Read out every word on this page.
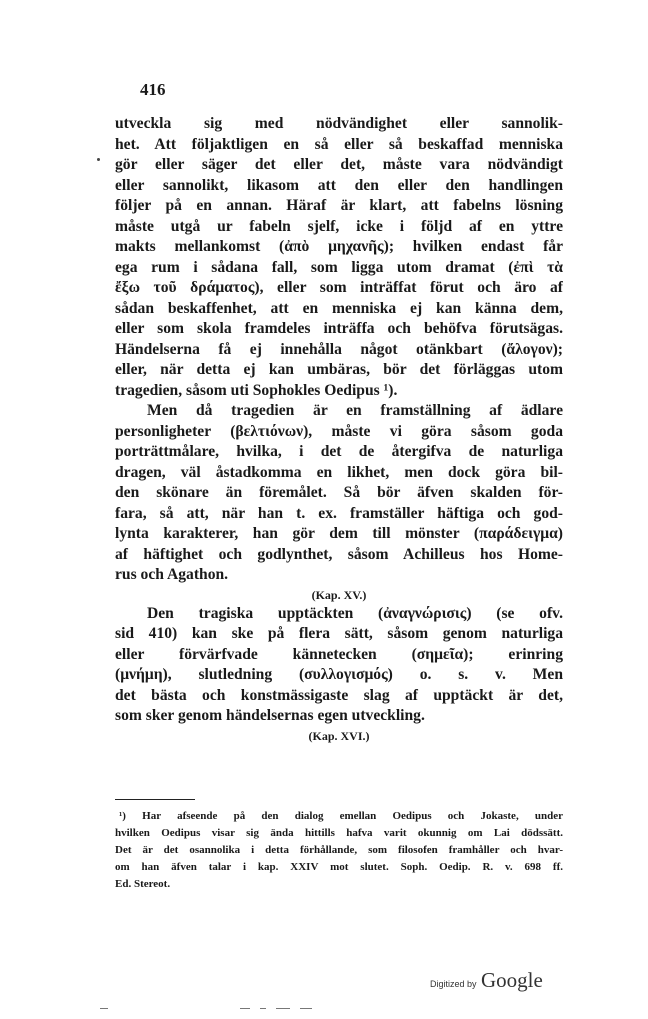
416
utveckla sig med nödvändighet eller sannolik-
het. Att följaktligen en så eller så beskaffad menniska
gör eller säger det eller det, måste vara nödvändigt
eller sannolikt, likasom att den eller den handlingen
följer på en annan. Häraf är klart, att fabelns lösning
måste utgå ur fabeln sjelf, icke i följd af en yttre
makts mellankomst (ἀπὸ μηχανῆς); hvilken endast får
ega rum i sådana fall, som ligga utom dramat (ἐπὶ τὰ
ἔξω τοῦ δράματος), eller som inträffat förut och äro af
sådan beskaffenhet, att en menniska ej kan känna dem,
eller som skola framdeles inträffa och behöfva förutsägas.
Händelserna få ej innehålla något otänkbart (ἄλογον);
eller, när detta ej kan umbäras, bör det förläggas utom
tragedien, såsom uti Sophokles Oedipus ¹).
Men då tragedien är en framställning af ädlare
personligheter (βελτιόνων), måste vi göra såsom goda
porträttmålare, hvilka, i det de återgifva de naturliga
dragen, väl åstadkomma en likhet, men dock göra bil-
den skönare än föremålet. Så bör äfven skalden för-
fara, så att, när han t. ex. framställer häftiga och god-
lynta karakterer, han gör dem till mönster (παράδειγμα)
af häftighet och godlynthet, såsom Achilleus hos Home-
rus och Agathon.
(Kap. XV.)
Den tragiska upptäckten (ἀναγνώρισις) (se ofv.
sid 410) kan ske på flera sätt, såsom genom naturliga
eller förvärfvade kännetecken (σημεῖα); erinring
(μνήμη), slutledning (συλλογισμός) o. s. v. Men
det bästa och konstmässigaste slag af upptäckt är det,
som sker genom händelsernas egen utveckling.
(Kap. XVI.)
¹) Har afseende på den dialog emellan Oedipus och Jokaste, under
hvilken Oedipus visar sig ända hittills hafva varit okunnig om Lai dödssätt.
Det är det osannolika i detta förhållande, som filosofen framhåller och hvar-
om han äfven talar i kap. XXIV mot slutet. Soph. Oedip. R. v. 698 ff.
Ed. Stereot.
Digitized by Google
